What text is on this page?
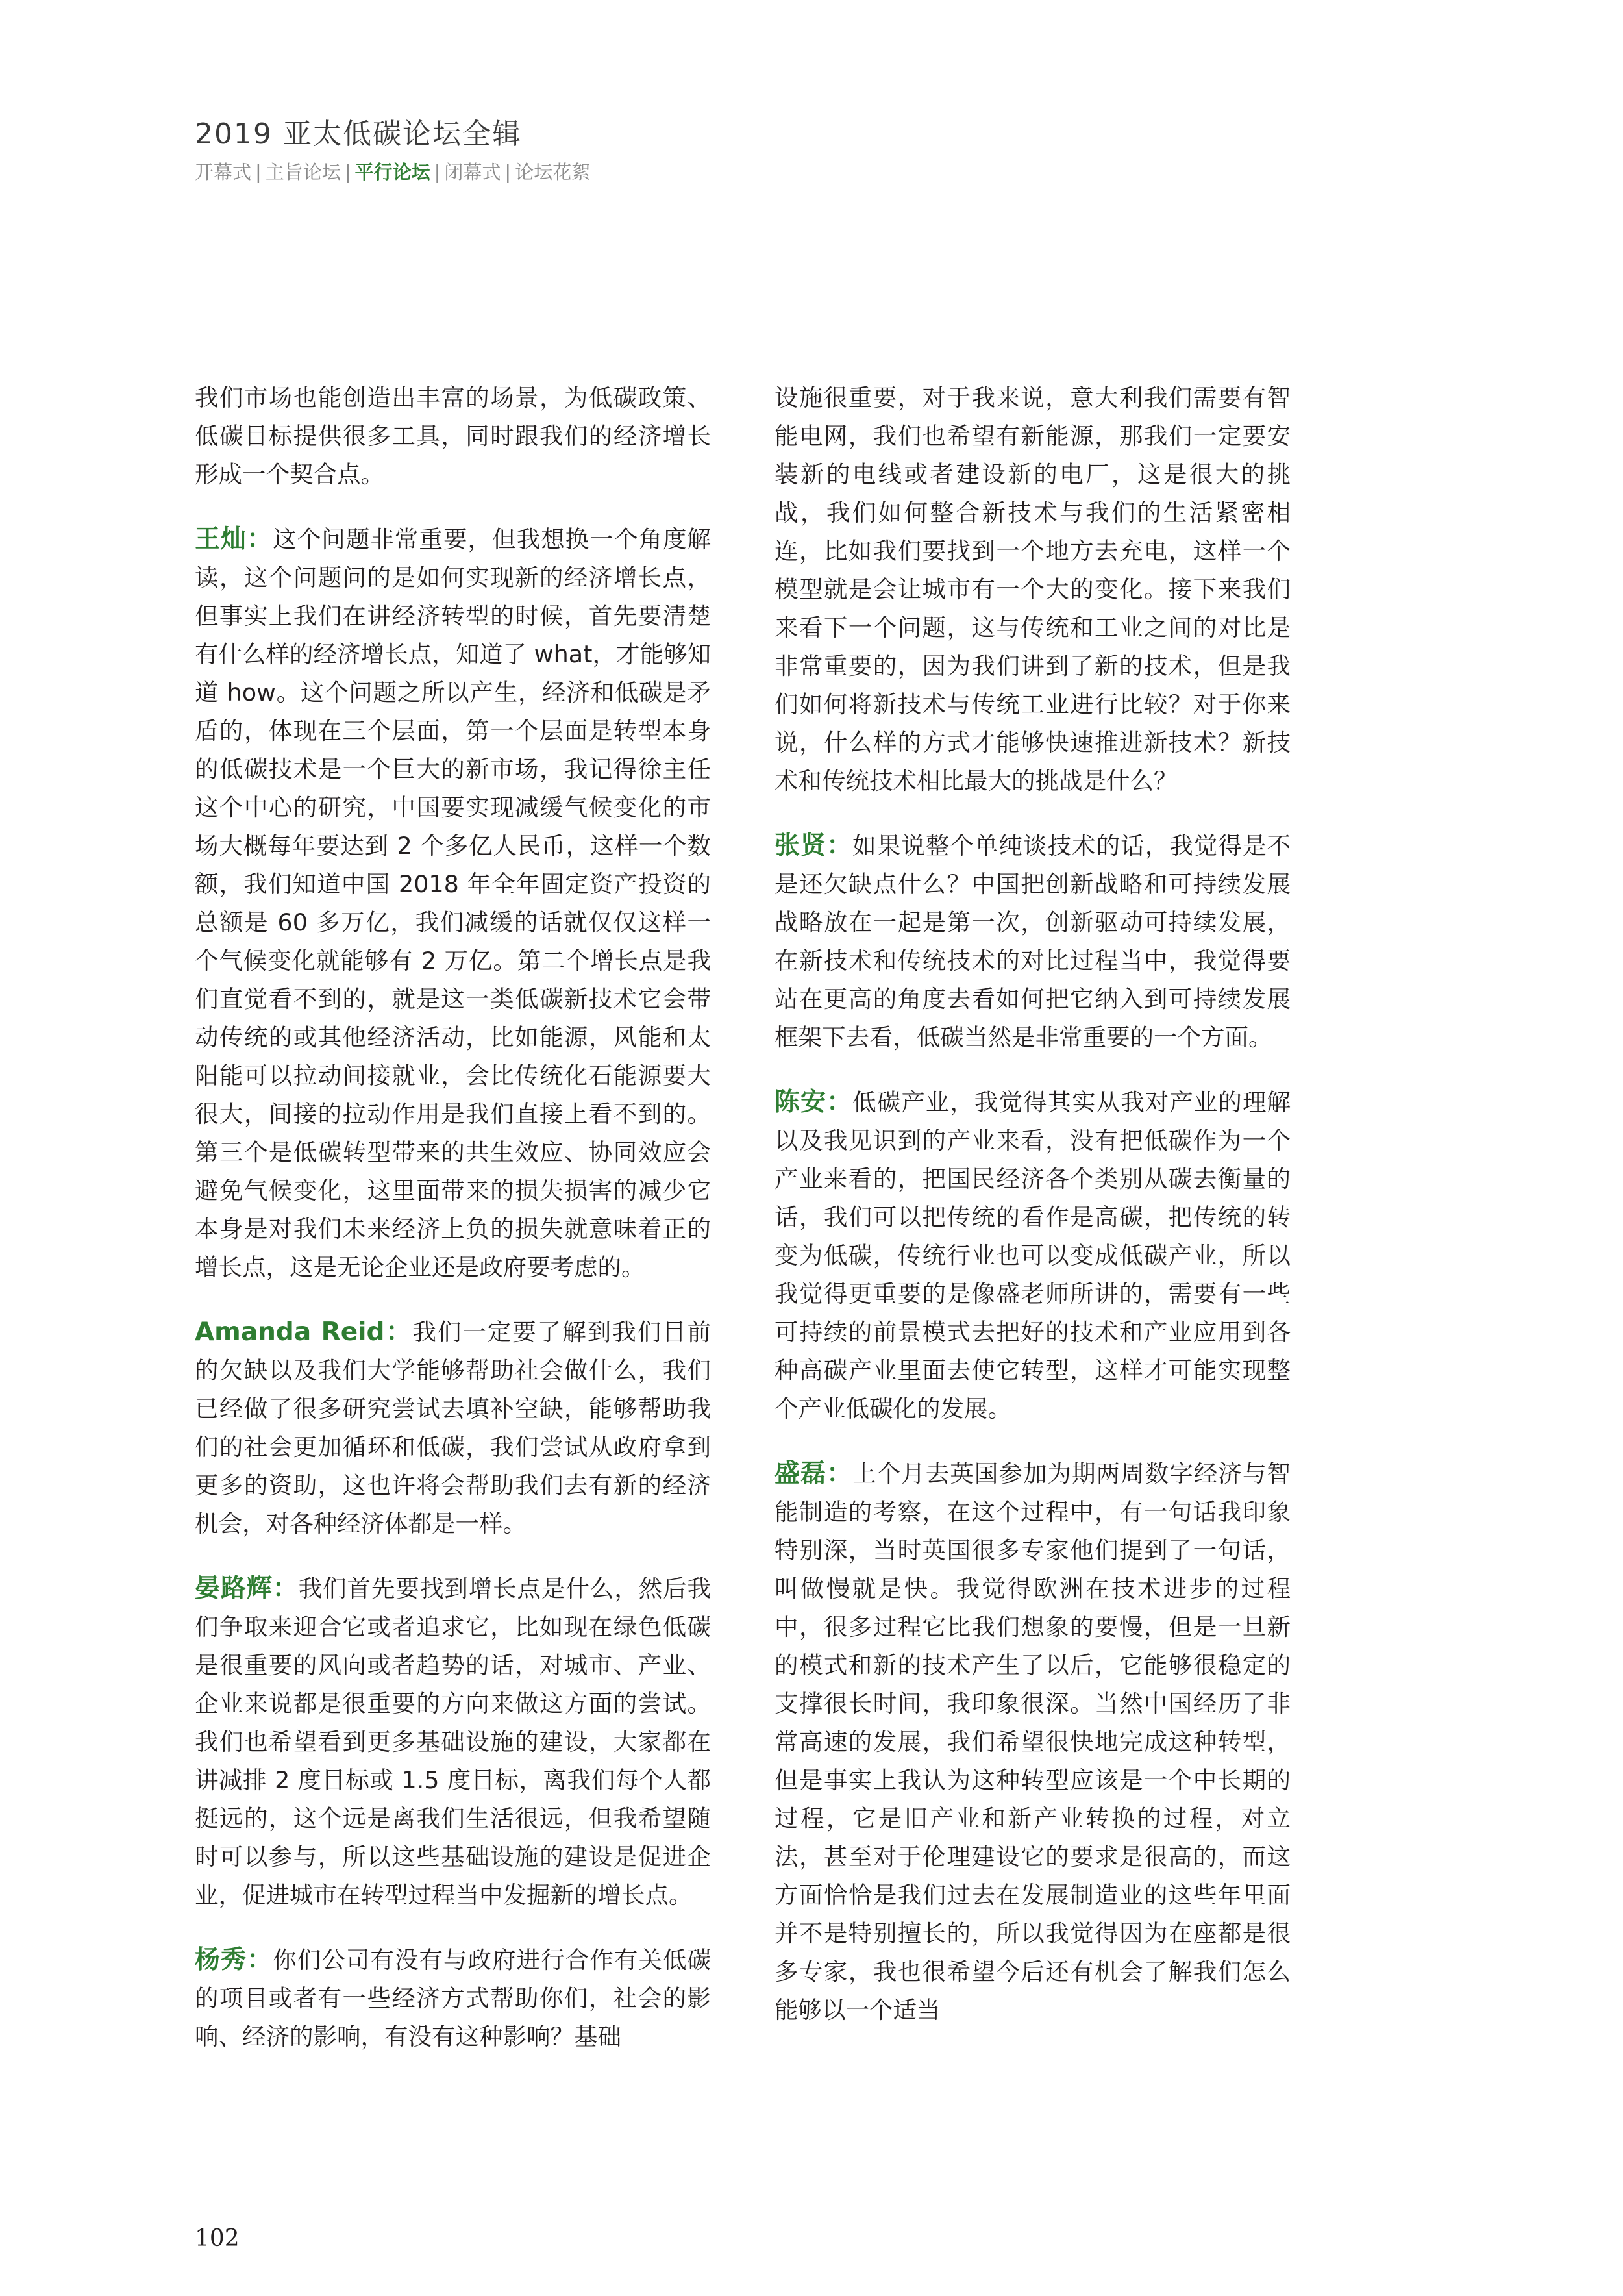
2019 亚太低碳论坛全辑
开幕式 | 主旨论坛 | 平行论坛 | 闭幕式 | 论坛花絮

我们市场也能创造出丰富的场景，为低碳政策、低碳目标提供很多工具，同时跟我们的经济增长形成一个契合点。

王灿：这个问题非常重要，但我想换一个角度解读，这个问题问的是如何实现新的经济增长点，但事实上我们在讲经济转型的时候，首先要清楚有什么样的经济增长点，知道了 what，才能够知道 how。这个问题之所以产生，经济和低碳是矛盾的，体现在三个层面，第一个层面是转型本身的低碳技术是一个巨大的新市场，我记得徐主任这个中心的研究，中国要实现减缓气候变化的市场大概每年要达到 2 个多亿人民币，这样一个数额，我们知道中国 2018 年全年固定资产投资的总额是 60 多万亿，我们减缓的话就仅仅这样一个气候变化就能够有 2 万亿。第二个增长点是我们直觉看不到的，就是这一类低碳新技术它会带动传统的或其他经济活动，比如能源，风能和太阳能可以拉动间接就业，会比传统化石能源要大很大，间接的拉动作用是我们直接上看不到的。第三个是低碳转型带来的共生效应、协同效应会避免气候变化，这里面带来的损失损害的减少它本身是对我们未来经济上负的损失就意味着正的增长点，这是无论企业还是政府要考虑的。

Amanda Reid：我们一定要了解到我们目前的欠缺以及我们大学能够帮助社会做什么，我们已经做了很多研究尝试去填补空缺，能够帮助我们的社会更加循环和低碳，我们尝试从政府拿到更多的资助，这也许将会帮助我们去有新的经济机会，对各种经济体都是一样。

晏路辉：我们首先要找到增长点是什么，然后我们争取来迎合它或者追求它，比如现在绿色低碳是很重要的风向或者趋势的话，对城市、产业、企业来说都是很重要的方向来做这方面的尝试。我们也希望看到更多基础设施的建设，大家都在讲减排 2 度目标或 1.5 度目标，离我们每个人都挺远的，这个远是离我们生活很远，但我希望随时可以参与，所以这些基础设施的建设是促进企业，促进城市在转型过程当中发掘新的增长点。

杨秀：你们公司有没有与政府进行合作有关低碳的项目或者有一些经济方式帮助你们，社会的影响、经济的影响，有没有这种影响？基础

设施很重要，对于我来说，意大利我们需要有智能电网，我们也希望有新能源，那我们一定要安装新的电线或者建设新的电厂，这是很大的挑战，我们如何整合新技术与我们的生活紧密相连，比如我们要找到一个地方去充电，这样一个模型就是会让城市有一个大的变化。接下来我们来看下一个问题，这与传统和工业之间的对比是非常重要的，因为我们讲到了新的技术，但是我们如何将新技术与传统工业进行比较？对于你来说，什么样的方式才能够快速推进新技术？新技术和传统技术相比最大的挑战是什么？

张贤：如果说整个单纯谈技术的话，我觉得是不是还欠缺点什么？中国把创新战略和可持续发展战略放在一起是第一次，创新驱动可持续发展，在新技术和传统技术的对比过程当中，我觉得要站在更高的角度去看如何把它纳入到可持续发展框架下去看，低碳当然是非常重要的一个方面。

陈安：低碳产业，我觉得其实从我对产业的理解以及我见识到的产业来看，没有把低碳作为一个产业来看的，把国民经济各个类别从碳去衡量的话，我们可以把传统的看作是高碳，把传统的转变为低碳，传统行业也可以变成低碳产业，所以我觉得更重要的是像盛老师所讲的，需要有一些可持续的前景模式去把好的技术和产业应用到各种高碳产业里面去使它转型，这样才可能实现整个产业低碳化的发展。

盛磊：上个月去英国参加为期两周数字经济与智能制造的考察，在这个过程中，有一句话我印象特别深，当时英国很多专家他们提到了一句话，叫做慢就是快。我觉得欧洲在技术进步的过程中，很多过程它比我们想象的要慢，但是一旦新的模式和新的技术产生了以后，它能够很稳定的支撑很长时间，我印象很深。当然中国经历了非常高速的发展，我们希望很快地完成这种转型，但是事实上我认为这种转型应该是一个中长期的过程，它是旧产业和新产业转换的过程，对立法，甚至对于伦理建设它的要求是很高的，而这方面恰恰是我们过去在发展制造业的这些年里面并不是特别擅长的，所以我觉得因为在座都是很多专家，我也很希望今后还有机会了解我们怎么能够以一个适当

102
